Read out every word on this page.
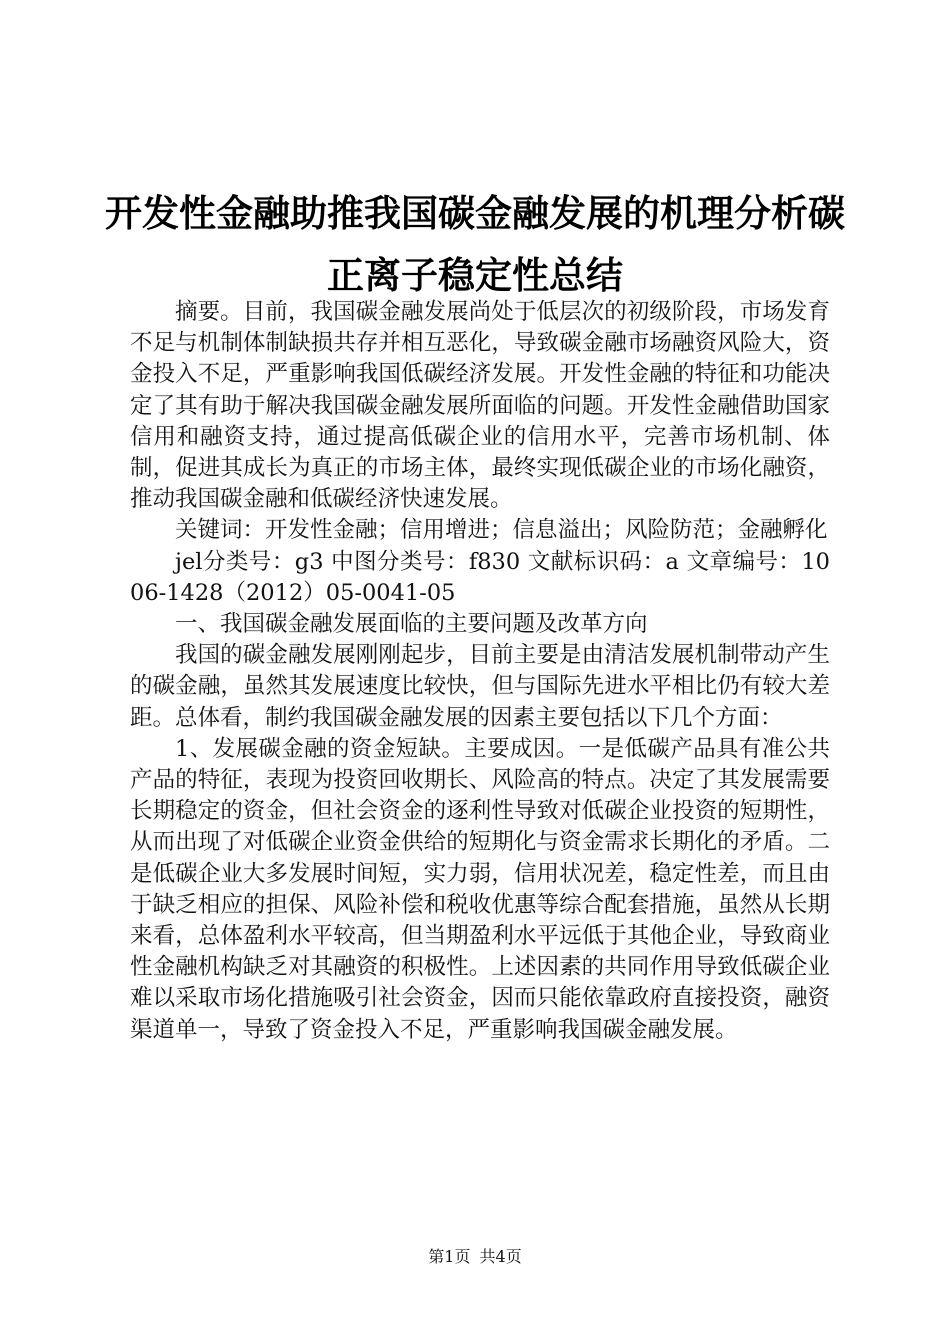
开发性金融助推我国碳金融发展的机理分析碳
正离子稳定性总结

摘要。目前，我国碳金融发展尚处于低层次的初级阶段，市场发育不足与机制体制缺损共存并相互恶化，导致碳金融市场融资风险大，资金投入不足，严重影响我国低碳经济发展。开发性金融的特征和功能决定了其有助于解决我国碳金融发展所面临的问题。开发性金融借助国家信用和融资支持，通过提高低碳企业的信用水平，完善市场机制、体制，促进其成长为真正的市场主体，最终实现低碳企业的市场化融资，推动我国碳金融和低碳经济快速发展。

关键词：开发性金融；信用增进；信息溢出；风险防范；金融孵化

jel分类号：g3 中图分类号：f830 文献标识码：a 文章编号：1006-1428（2012）05-0041-05

一、我国碳金融发展面临的主要问题及改革方向

我国的碳金融发展刚刚起步，目前主要是由清洁发展机制带动产生的碳金融，虽然其发展速度比较快，但与国际先进水平相比仍有较大差距。总体看，制约我国碳金融发展的因素主要包括以下几个方面：

1、发展碳金融的资金短缺。主要成因。一是低碳产品具有准公共产品的特征，表现为投资回收期长、风险高的特点。决定了其发展需要长期稳定的资金，但社会资金的逐利性导致对低碳企业投资的短期性，从而出现了对低碳企业资金供给的短期化与资金需求长期化的矛盾。二是低碳企业大多发展时间短，实力弱，信用状况差，稳定性差，而且由于缺乏相应的担保、风险补偿和税收优惠等综合配套措施，虽然从长期来看，总体盈利水平较高，但当期盈利水平远低于其他企业，导致商业性金融机构缺乏对其融资的积极性。上述因素的共同作用导致低碳企业难以采取市场化措施吸引社会资金，因而只能依靠政府直接投资，融资渠道单一，导致了资金投入不足，严重影响我国碳金融发展。

第1页 共4页
